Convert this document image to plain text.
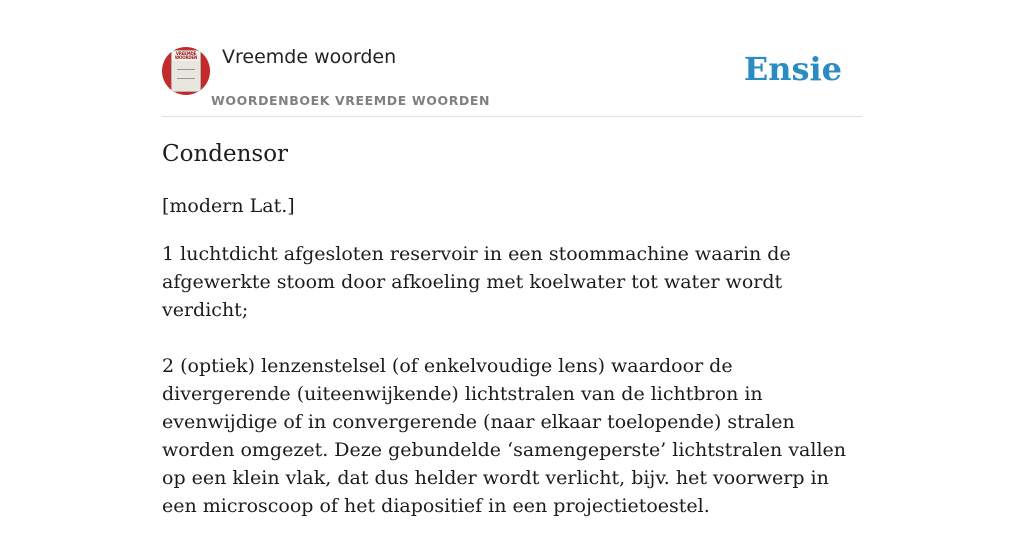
VREEMDE WOORDEN Vreemde woorden
WOORDENBOEK VREEMDE WOORDEN
Ensie
Condensor
[modern Lat.]

1 luchtdicht afgesloten reservoir in een stoommachine waarin de afgewerkte stoom door afkoeling met koelwater tot water wordt verdicht;

2 (optiek) lenzenstelsel (of enkelvoudige lens) waardoor de divergerende (uiteenwijkende) lichtstralen van de lichtbron in evenwijdige of in convergerende (naar elkaar toelopende) stralen worden omgezet. Deze gebundelde ‘samengeperste’ lichtstralen vallen op een klein vlak, dat dus helder wordt verlicht, bijv. het voorwerp in een microscoop of het diapositief in een projectietoestel.
